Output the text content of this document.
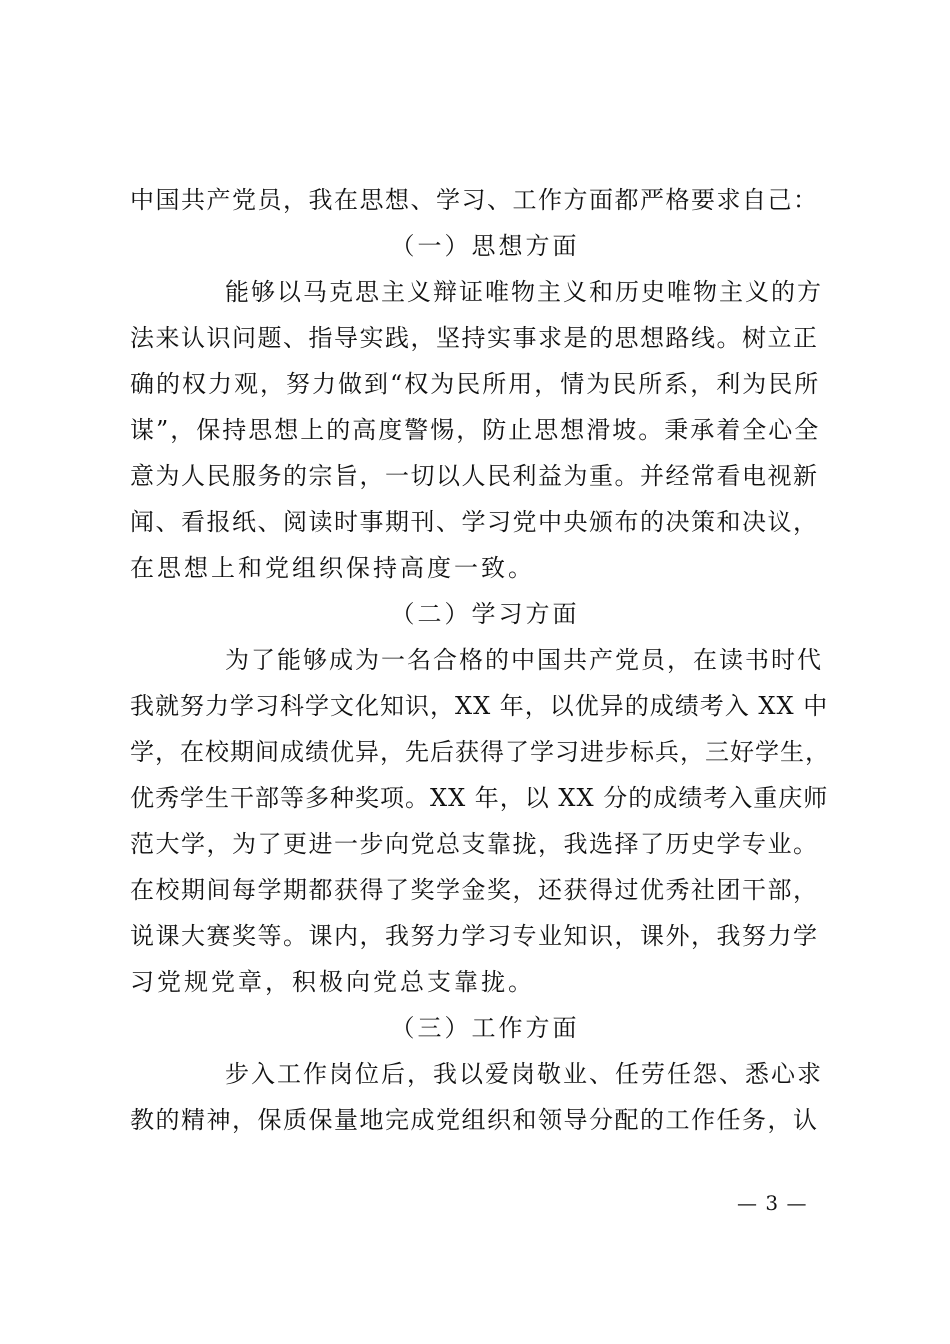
中国共产党员，我在思想、学习、工作方面都严格要求自己：
（一）思想方面
能够以马克思主义辩证唯物主义和历史唯物主义的方
法来认识问题、指导实践，坚持实事求是的思想路线。树立正
确的权力观，努力做到“权为民所用，情为民所系，利为民所
谋”，保持思想上的高度警惕，防止思想滑坡。秉承着全心全
意为人民服务的宗旨，一切以人民利益为重。并经常看电视新
闻、看报纸、阅读时事期刊、学习党中央颁布的决策和决议，
在思想上和党组织保持高度一致。
（二）学习方面
为了能够成为一名合格的中国共产党员，在读书时代
我就努力学习科学文化知识，XX 年，以优异的成绩考入 XX 中
学，在校期间成绩优异，先后获得了学习进步标兵，三好学生，
优秀学生干部等多种奖项。XX 年，以 XX 分的成绩考入重庆师
范大学，为了更进一步向党总支靠拢，我选择了历史学专业。
在校期间每学期都获得了奖学金奖，还获得过优秀社团干部，
说课大赛奖等。课内，我努力学习专业知识，课外，我努力学
习党规党章，积极向党总支靠拢。
（三）工作方面
步入工作岗位后，我以爱岗敬业、任劳任怨、悉心求
教的精神，保质保量地完成党组织和领导分配的工作任务，认
— 3 —
